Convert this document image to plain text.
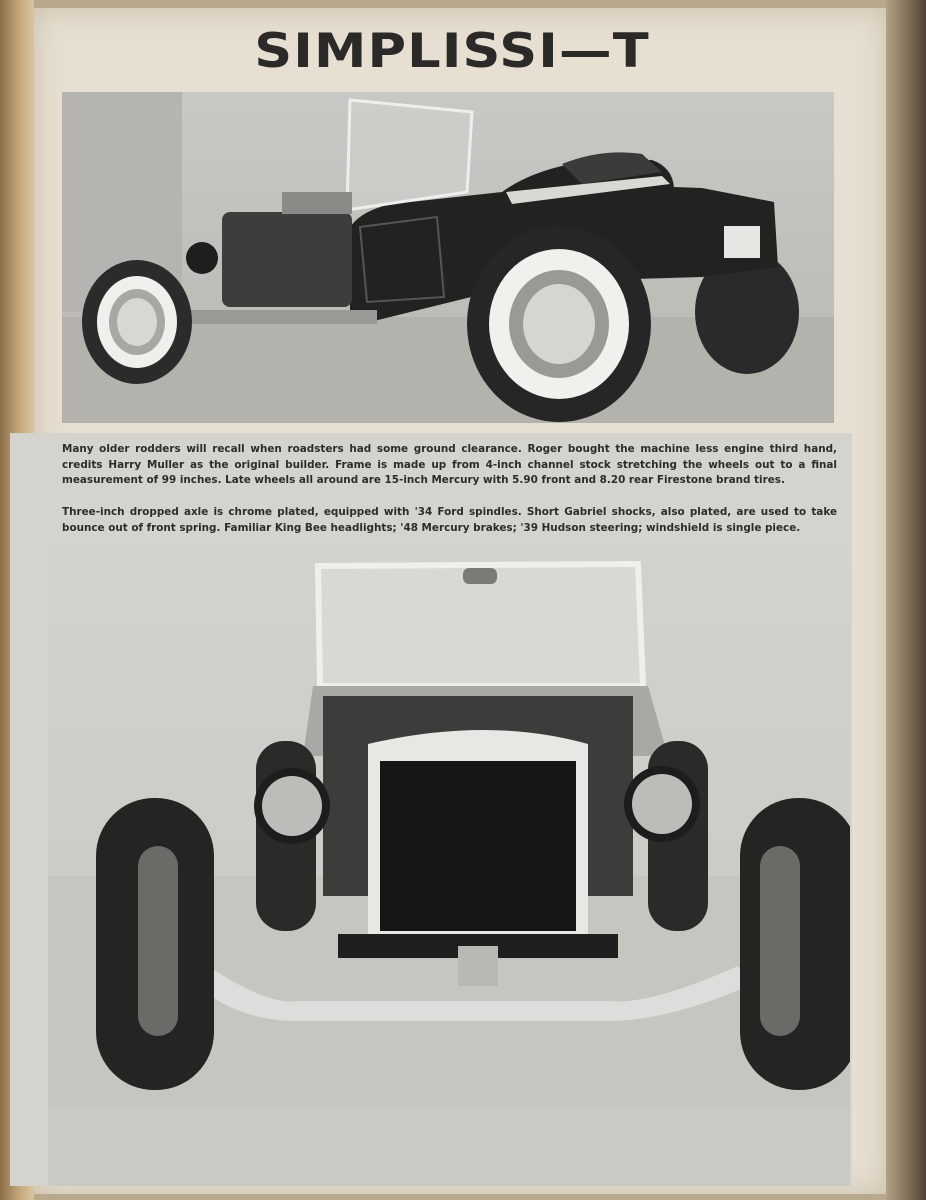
SIMPLISSI—T

Many older rodders will recall when roadsters had some ground clearance. Roger bought the machine less engine third hand, credits Harry Muller as the original builder. Frame is made up from 4-inch channel stock stretching the wheels out to a final measurement of 99 inches. Late wheels all around are 15-inch Mercury with 5.90 front and 8.20 rear Firestone brand tires.

Three-inch dropped axle is chrome plated, equipped with '34 Ford spindles. Short Gabriel shocks, also plated, are used to take bounce out of front spring. Familiar King Bee headlights; '48 Mercury brakes; '39 Hudson steering; windshield is single piece.
